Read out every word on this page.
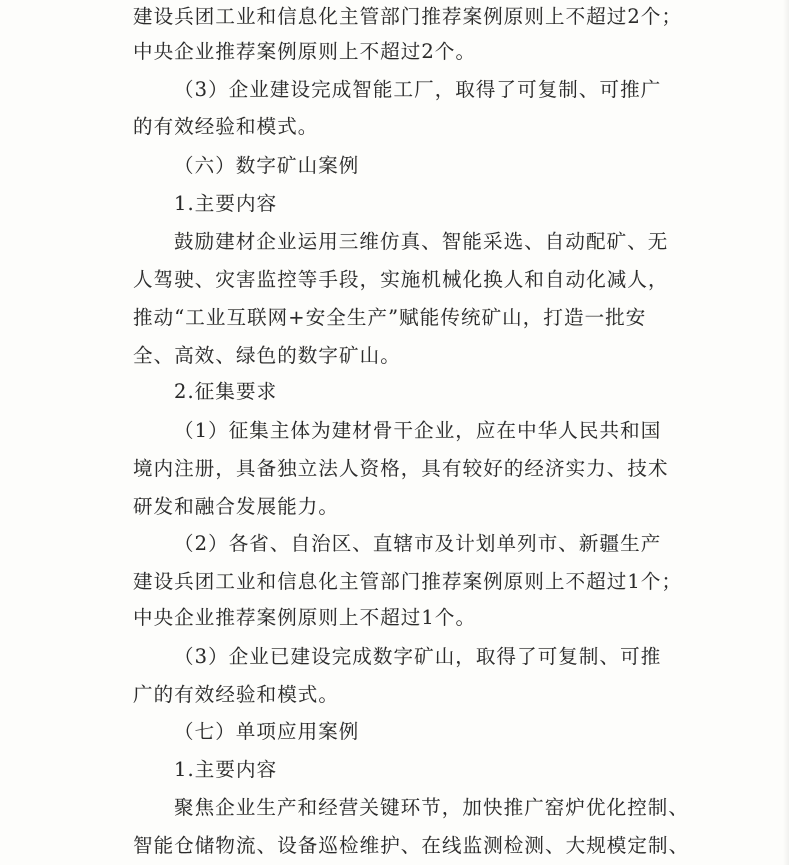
建设兵团工业和信息化主管部门推荐案例原则上不超过2个；
中央企业推荐案例原则上不超过2个。
（3）企业建设完成智能工厂，取得了可复制、可推广
的有效经验和模式。
（六）数字矿山案例
1.主要内容
鼓励建材企业运用三维仿真、智能采选、自动配矿、无
人驾驶、灾害监控等手段，实施机械化换人和自动化减人，
推动“工业互联网+安全生产”赋能传统矿山，打造一批安
全、高效、绿色的数字矿山。
2.征集要求
（1）征集主体为建材骨干企业，应在中华人民共和国
境内注册，具备独立法人资格，具有较好的经济实力、技术
研发和融合发展能力。
（2）各省、自治区、直辖市及计划单列市、新疆生产
建设兵团工业和信息化主管部门推荐案例原则上不超过1个；
中央企业推荐案例原则上不超过1个。
（3）企业已建设完成数字矿山，取得了可复制、可推
广的有效经验和模式。
（七）单项应用案例
1.主要内容
聚焦企业生产和经营关键环节，加快推广窑炉优化控制、
智能仓储物流、设备巡检维护、在线监测检测、大规模定制、
